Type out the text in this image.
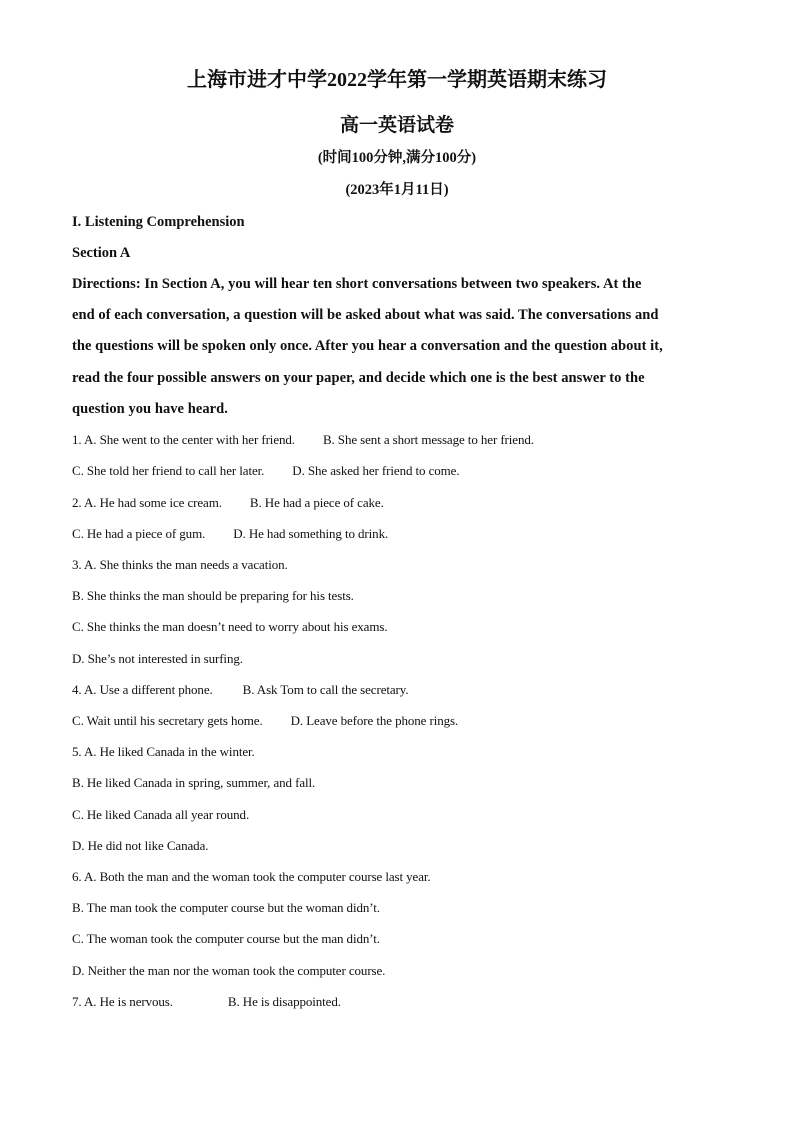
上海市进才中学2022学年第一学期英语期末练习
高一英语试卷
(时间100分钟,满分100分)
(2023年1月11日)
I. Listening Comprehension
Section A
Directions: In Section A, you will hear ten short conversations between two speakers. At the
end of each conversation, a question will be asked about what was said. The conversations and
the questions will be spoken only once. After you hear a conversation and the question about it,
read the four possible answers on your paper, and decide which one is the best answer to the
question you have heard.
1. A. She went to the center with her friend. B. She sent a short message to her friend.
C. She told her friend to call her later. D. She asked her friend to come.
2. A. He had some ice cream. B. He had a piece of cake.
C. He had a piece of gum. D. He had something to drink.
3. A. She thinks the man needs a vacation.
B. She thinks the man should be preparing for his tests.
C. She thinks the man doesn’t need to worry about his exams.
D. She’s not interested in surfing.
4. A. Use a different phone. B. Ask Tom to call the secretary.
C. Wait until his secretary gets home. D. Leave before the phone rings.
5. A. He liked Canada in the winter.
B. He liked Canada in spring, summer, and fall.
C. He liked Canada all year round.
D. He did not like Canada.
6. A. Both the man and the woman took the computer course last year.
B. The man took the computer course but the woman didn’t.
C. The woman took the computer course but the man didn’t.
D. Neither the man nor the woman took the computer course.
7. A. He is nervous.	B. He is disappointed.
